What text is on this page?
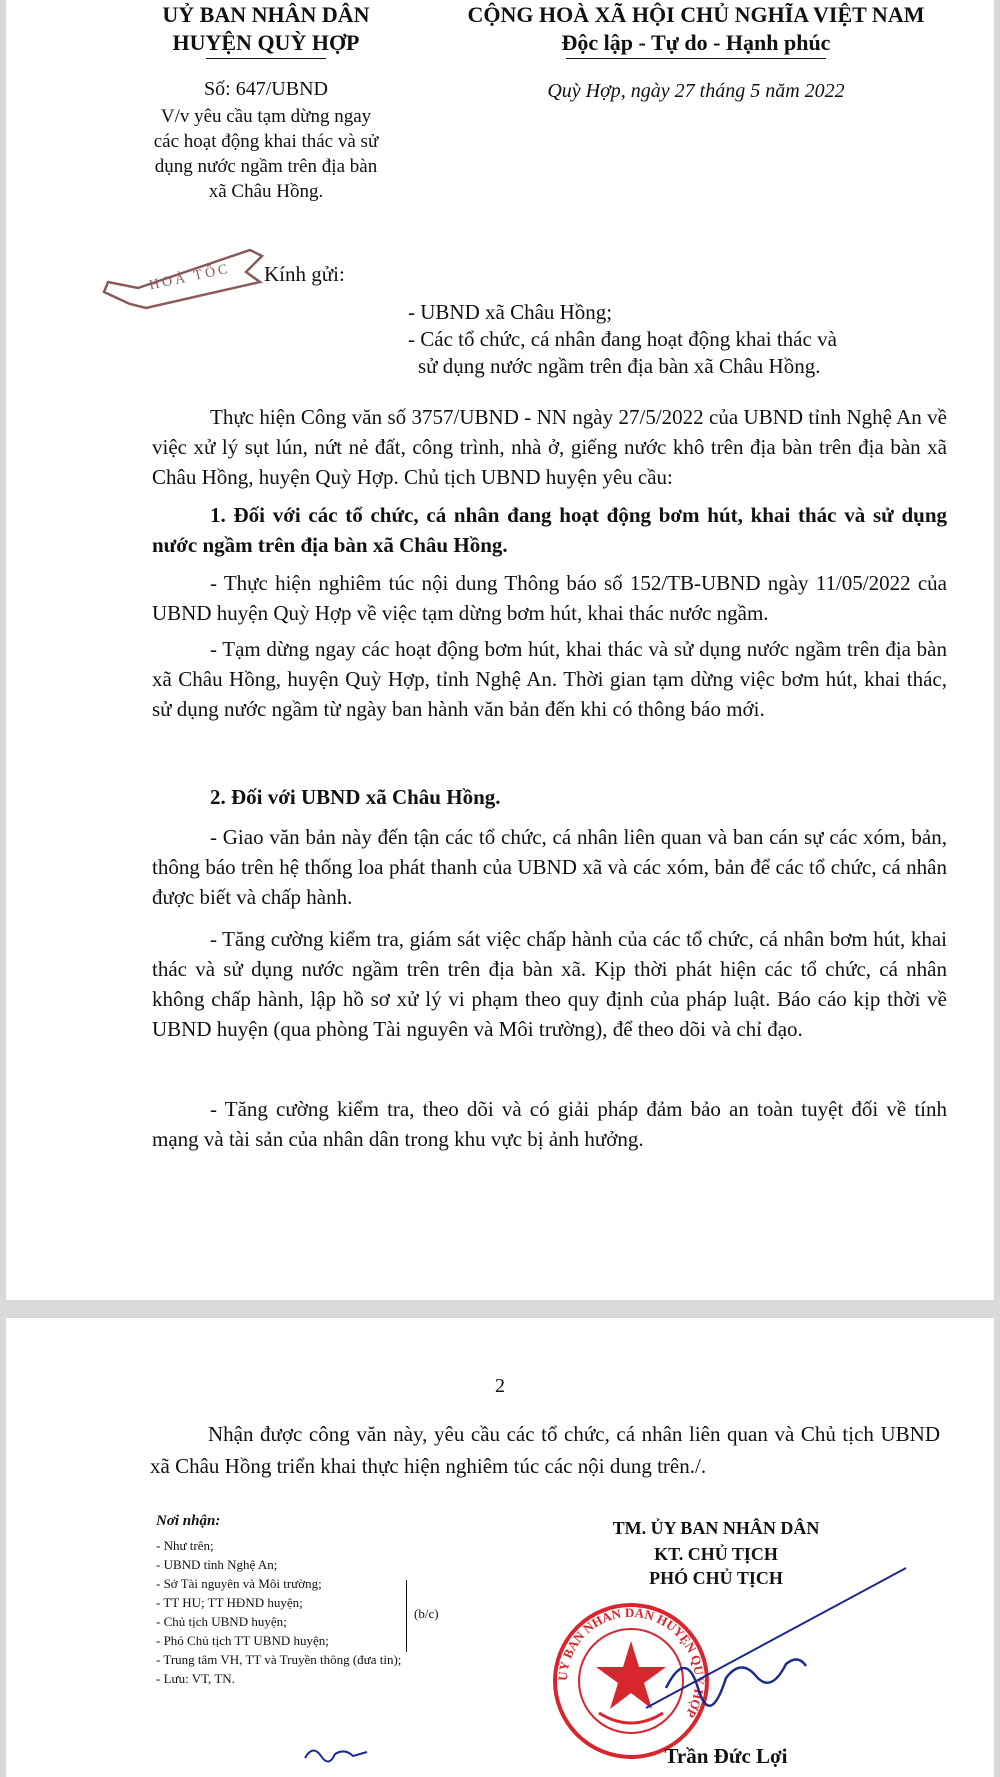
UỶ BAN NHÂN DÂN
HUYỆN QUỲ HỢP
CỘNG HOÀ XÃ HỘI CHỦ NGHĨA VIỆT NAM
Độc lập - Tự do - Hạnh phúc
Số: 647/UBND
V/v yêu cầu tạm dừng ngay các hoạt động khai thác và sử dụng nước ngầm trên địa bàn xã Châu Hồng.
Quỳ Hợp, ngày 27 tháng 5 năm 2022
HOẢ TỐC	Kính gửi:
- UBND xã Châu Hồng;
- Các tổ chức, cá nhân đang hoạt động khai thác và
sử dụng nước ngầm trên địa bàn xã Châu Hồng.
Thực hiện Công văn số 3757/UBND - NN ngày 27/5/2022 của UBND tỉnh Nghệ An về việc xử lý sụt lún, nứt nẻ đất, công trình, nhà ở, giếng nước khô trên địa bàn trên địa bàn xã Châu Hồng, huyện Quỳ Hợp. Chủ tịch UBND huyện yêu cầu:
1. Đối với các tổ chức, cá nhân đang hoạt động bơm hút, khai thác và sử dụng nước ngầm trên địa bàn xã Châu Hồng.
- Thực hiện nghiêm túc nội dung Thông báo số 152/TB-UBND ngày 11/05/2022 của UBND huyện Quỳ Hợp về việc tạm dừng bơm hút, khai thác nước ngầm.
- Tạm dừng ngay các hoạt động bơm hút, khai thác và sử dụng nước ngầm trên địa bàn xã Châu Hồng, huyện Quỳ Hợp, tỉnh Nghệ An. Thời gian tạm dừng việc bơm hút, khai thác, sử dụng nước ngầm từ ngày ban hành văn bản đến khi có thông báo mới.
2. Đối với UBND xã Châu Hồng.
- Giao văn bản này đến tận các tổ chức, cá nhân liên quan và ban cán sự các xóm, bản, thông báo trên hệ thống loa phát thanh của UBND xã và các xóm, bản để các tổ chức, cá nhân được biết và chấp hành.
- Tăng cường kiểm tra, giám sát việc chấp hành của các tổ chức, cá nhân bơm hút, khai thác và sử dụng nước ngầm trên trên địa bàn xã. Kịp thời phát hiện các tổ chức, cá nhân không chấp hành, lập hồ sơ xử lý vi phạm theo quy định của pháp luật. Báo cáo kịp thời về UBND huyện (qua phòng Tài nguyên và Môi trường), để theo dõi và chỉ đạo.
- Tăng cường kiểm tra, theo dõi và có giải pháp đảm bảo an toàn tuyệt đối về tính mạng và tài sản của nhân dân trong khu vực bị ảnh hưởng.
2
Nhận được công văn này, yêu cầu các tổ chức, cá nhân liên quan và Chủ tịch UBND xã Châu Hồng triển khai thực hiện nghiêm túc các nội dung trên./.
Nơi nhận:
- Như trên;
- UBND tỉnh Nghệ An;
- Sở Tài nguyên và Môi trường;
- TT HU; TT HĐND huyện;
- Chủ tịch UBND huyện;
- Phó Chủ tịch TT UBND huyện;
- Trung tâm VH, TT và Truyền thông (đưa tin);
- Lưu: VT, TN.
(b/c)
UỶ BAN NHÂN DÂN HUYỆN QUỲ HỢP
TM. ỦY BAN NHÂN DÂN
KT. CHỦ TỊCH
PHÓ CHỦ TỊCH
Trần Đức Lợi
